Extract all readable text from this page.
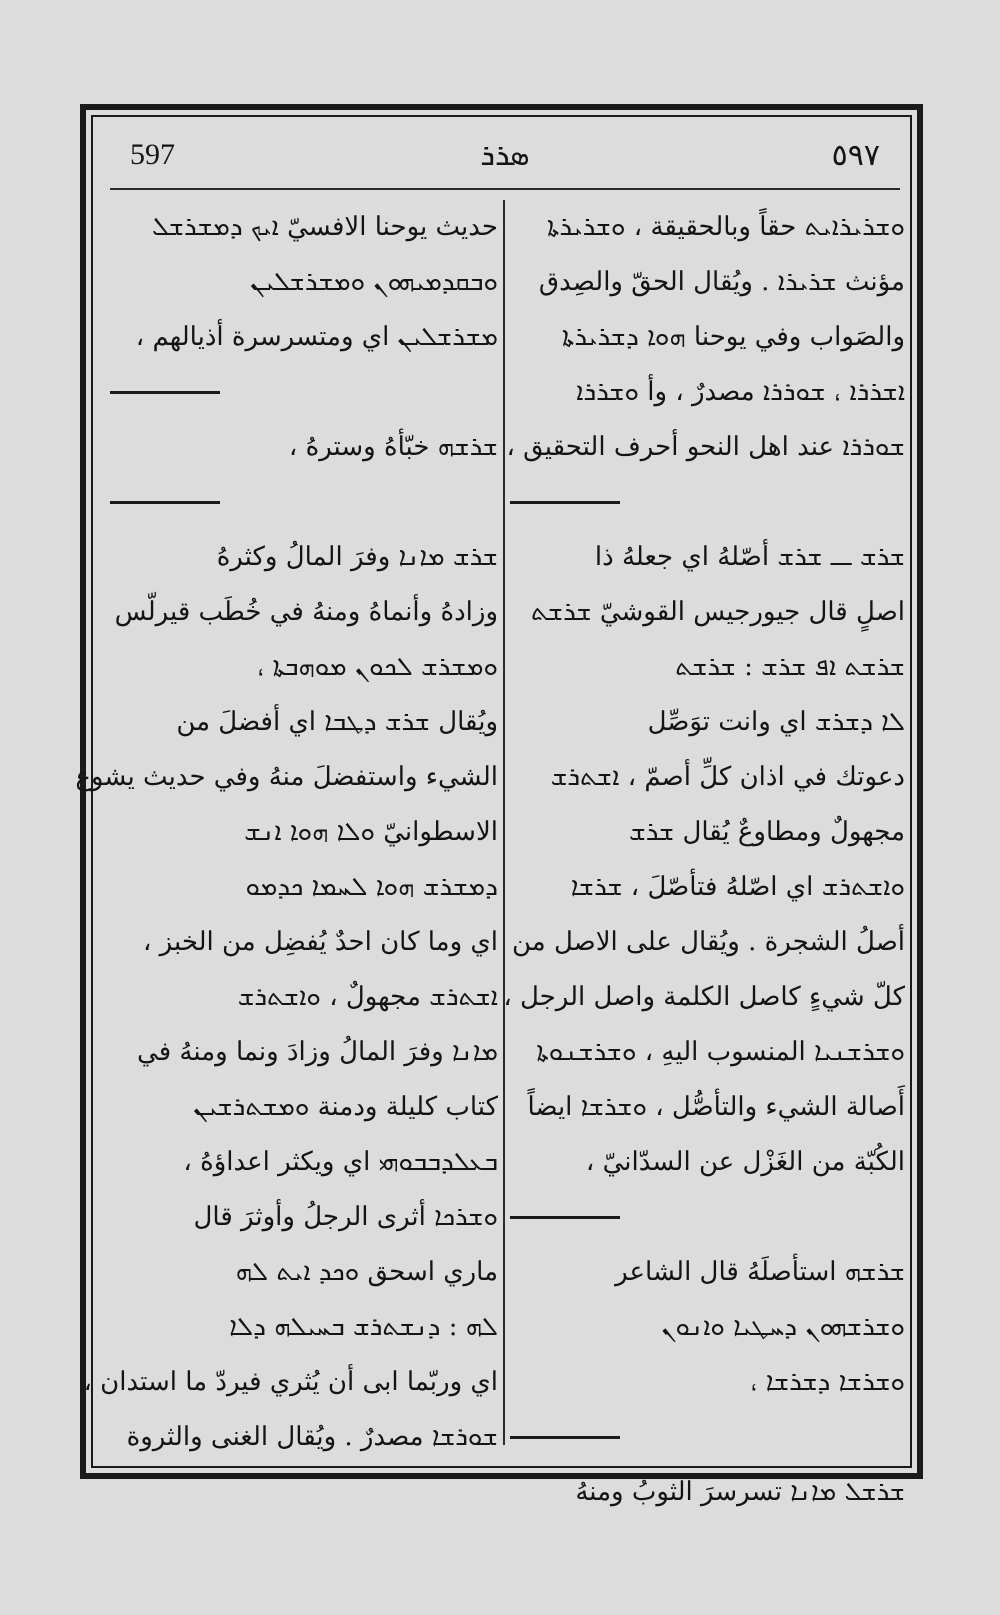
597	ܣܪܪ	٥٩٧
ܘܫܪܝܪܐܝܬ حقاً وبالحقيقة ، ܘܫܪܝܪܬܐ
مؤنث ܫܪܝܪܐ . ويُقال الحقّ والصِدق
والصَواب وفي يوحنا ܗܘܐ ܕܫܪܝܪܬܐ
ܐܫܪܪܐ ، ܫܘܪܪܐ مصدرٌ ، وأ ܘܫܪܪܐ
ܫܘܪܪܐ عند اهل النحو أحرف التحقيق ،
ܫܪܫ ــ ܫܪܫ أصّلهُ اي جعلهُ ذا
اصلٍ قال جيورجيس القوشيّ ܫܪܫܬ
ܫܪܫܬ ܐܦ ܫܪܫ : ܫܪܫܬ
ܠܐ ܕܫܪܫ اي وانت توَصِّل
دعوتك في اذان كلِّ أصمّ ، ܐܫܬܪܫ
مجهولٌ ومطاوعٌ يُقال ܫܪܫ
ܘܐܫܬܪܫ اي اصّلهُ فتأصّلَ ، ܫܪܫܐ
أصلُ الشجرة . ويُقال على الاصل من
كلّ شيءٍ كاصل الكلمة واصل الرجل ،
ܘܫܪܫܢܝܐ المنسوب اليهِ ، ܘܫܪܫܢܘܬܐ
أَصالة الشيء والتأصُّل ، ܘܫܪܫܐ ايضاً
الكُبّة من الغَزْل عن السدّانيّ ،
ܫܪܫܗ استأصلَهُ قال الشاعر
ܘܫܪܫܗܘܢ ܕܚܛܝܐ ܘܐܢܘܢ
ܘܫܪܫܐ ܕܫܪܫܐ ،
ܫܪܫܠ ܡܐܢܐ تسرسرَ الثوبُ ومنهُ
حديث يوحنا الافسيّ ܐܝܟ ܕܡܫܪܫܠ
ܘܒܩܕܡܝܗܘܢ ܘܡܫܪܫܠܝܢ
ܡܫܪܫܠܝܢ اي ومتسرسرة أذيالهم ،
ܫܪܫܗ خبّأهُ وسترهُ ،
ܫܪܫ ܡܐܢܐ وفرَ المالُ وكثرهُ
وزادهُ وأنماهُ ومنهُ في خُطَب قيرلّس
ܘܡܫܪܫ ܠܟܘܢ ܡܘܗܒܬܐ ،
ويُقال ܫܪܫ ܕܛܒܐ اي أفضلَ من
الشيء واستفضلَ منهُ وفي حديث يشوع
الاسطوانيّ ܘܠܐ ܗܘܐ ܐܢܫ
ܕܡܫܪܫ ܗܘܐ ܠܚܡܐ ܟܕܡܘ
اي وما كان احدٌ يُفضِل من الخبز ،
ܐܫܬܪܫ مجهولٌ ، ܘܐܫܬܪܫ
ܡܐܢܐ وفرَ المالُ وزادَ ونما ومنهُ في
كتاب كليلة ودمنة ܘܡܫܬܪܫܝܢ
ܒܥܠܕܒܒܘܗܝ اي ويكثر اعداؤهُ ،
ܘܫܪܟܐ أثرى الرجلُ وأوثرَ قال
ماري اسحق ܘܟܕ ܐܝܬ ܠܗ
ܠܗ : ܕܢܫܬܪܫ ܒܚܝܠܗ ܕܠܐ
اي وربّما ابى أن يُثري فيردّ ما استدان ،
ܫܘܪܫܐ مصدرٌ . ويُقال الغنى والثروة
